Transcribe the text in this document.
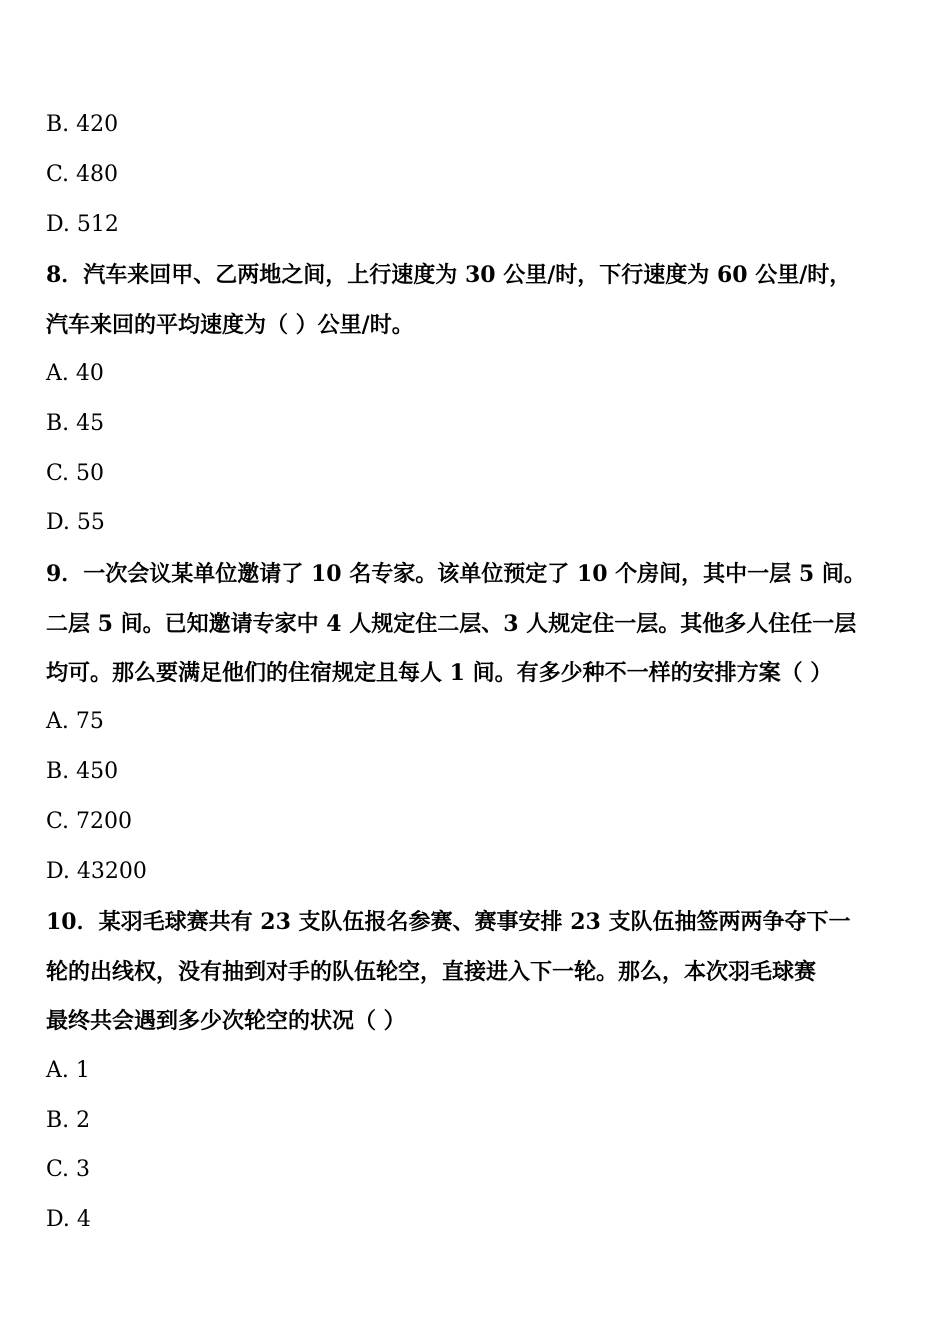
B. 420
C. 480
D. 512
8．汽车来回甲、乙两地之间，上行速度为 30 公里/时，下行速度为 60 公里/时，
汽车来回的平均速度为（ ）公里/时。
A. 40
B. 45
C. 50
D. 55
9．一次会议某单位邀请了 10 名专家。该单位预定了 10 个房间，其中一层 5 间。
二层 5 间。已知邀请专家中 4 人规定住二层、3 人规定住一层。其他多人住任一层
均可。那么要满足他们的住宿规定且每人 1 间。有多少种不一样的安排方案（ ）
A. 75
B. 450
C. 7200
D. 43200
10．某羽毛球赛共有 23 支队伍报名参赛、赛事安排 23 支队伍抽签两两争夺下一
轮的出线权，没有抽到对手的队伍轮空，直接进入下一轮。那么，本次羽毛球赛
最终共会遇到多少次轮空的状况（ ）
A. 1
B. 2
C. 3
D. 4
